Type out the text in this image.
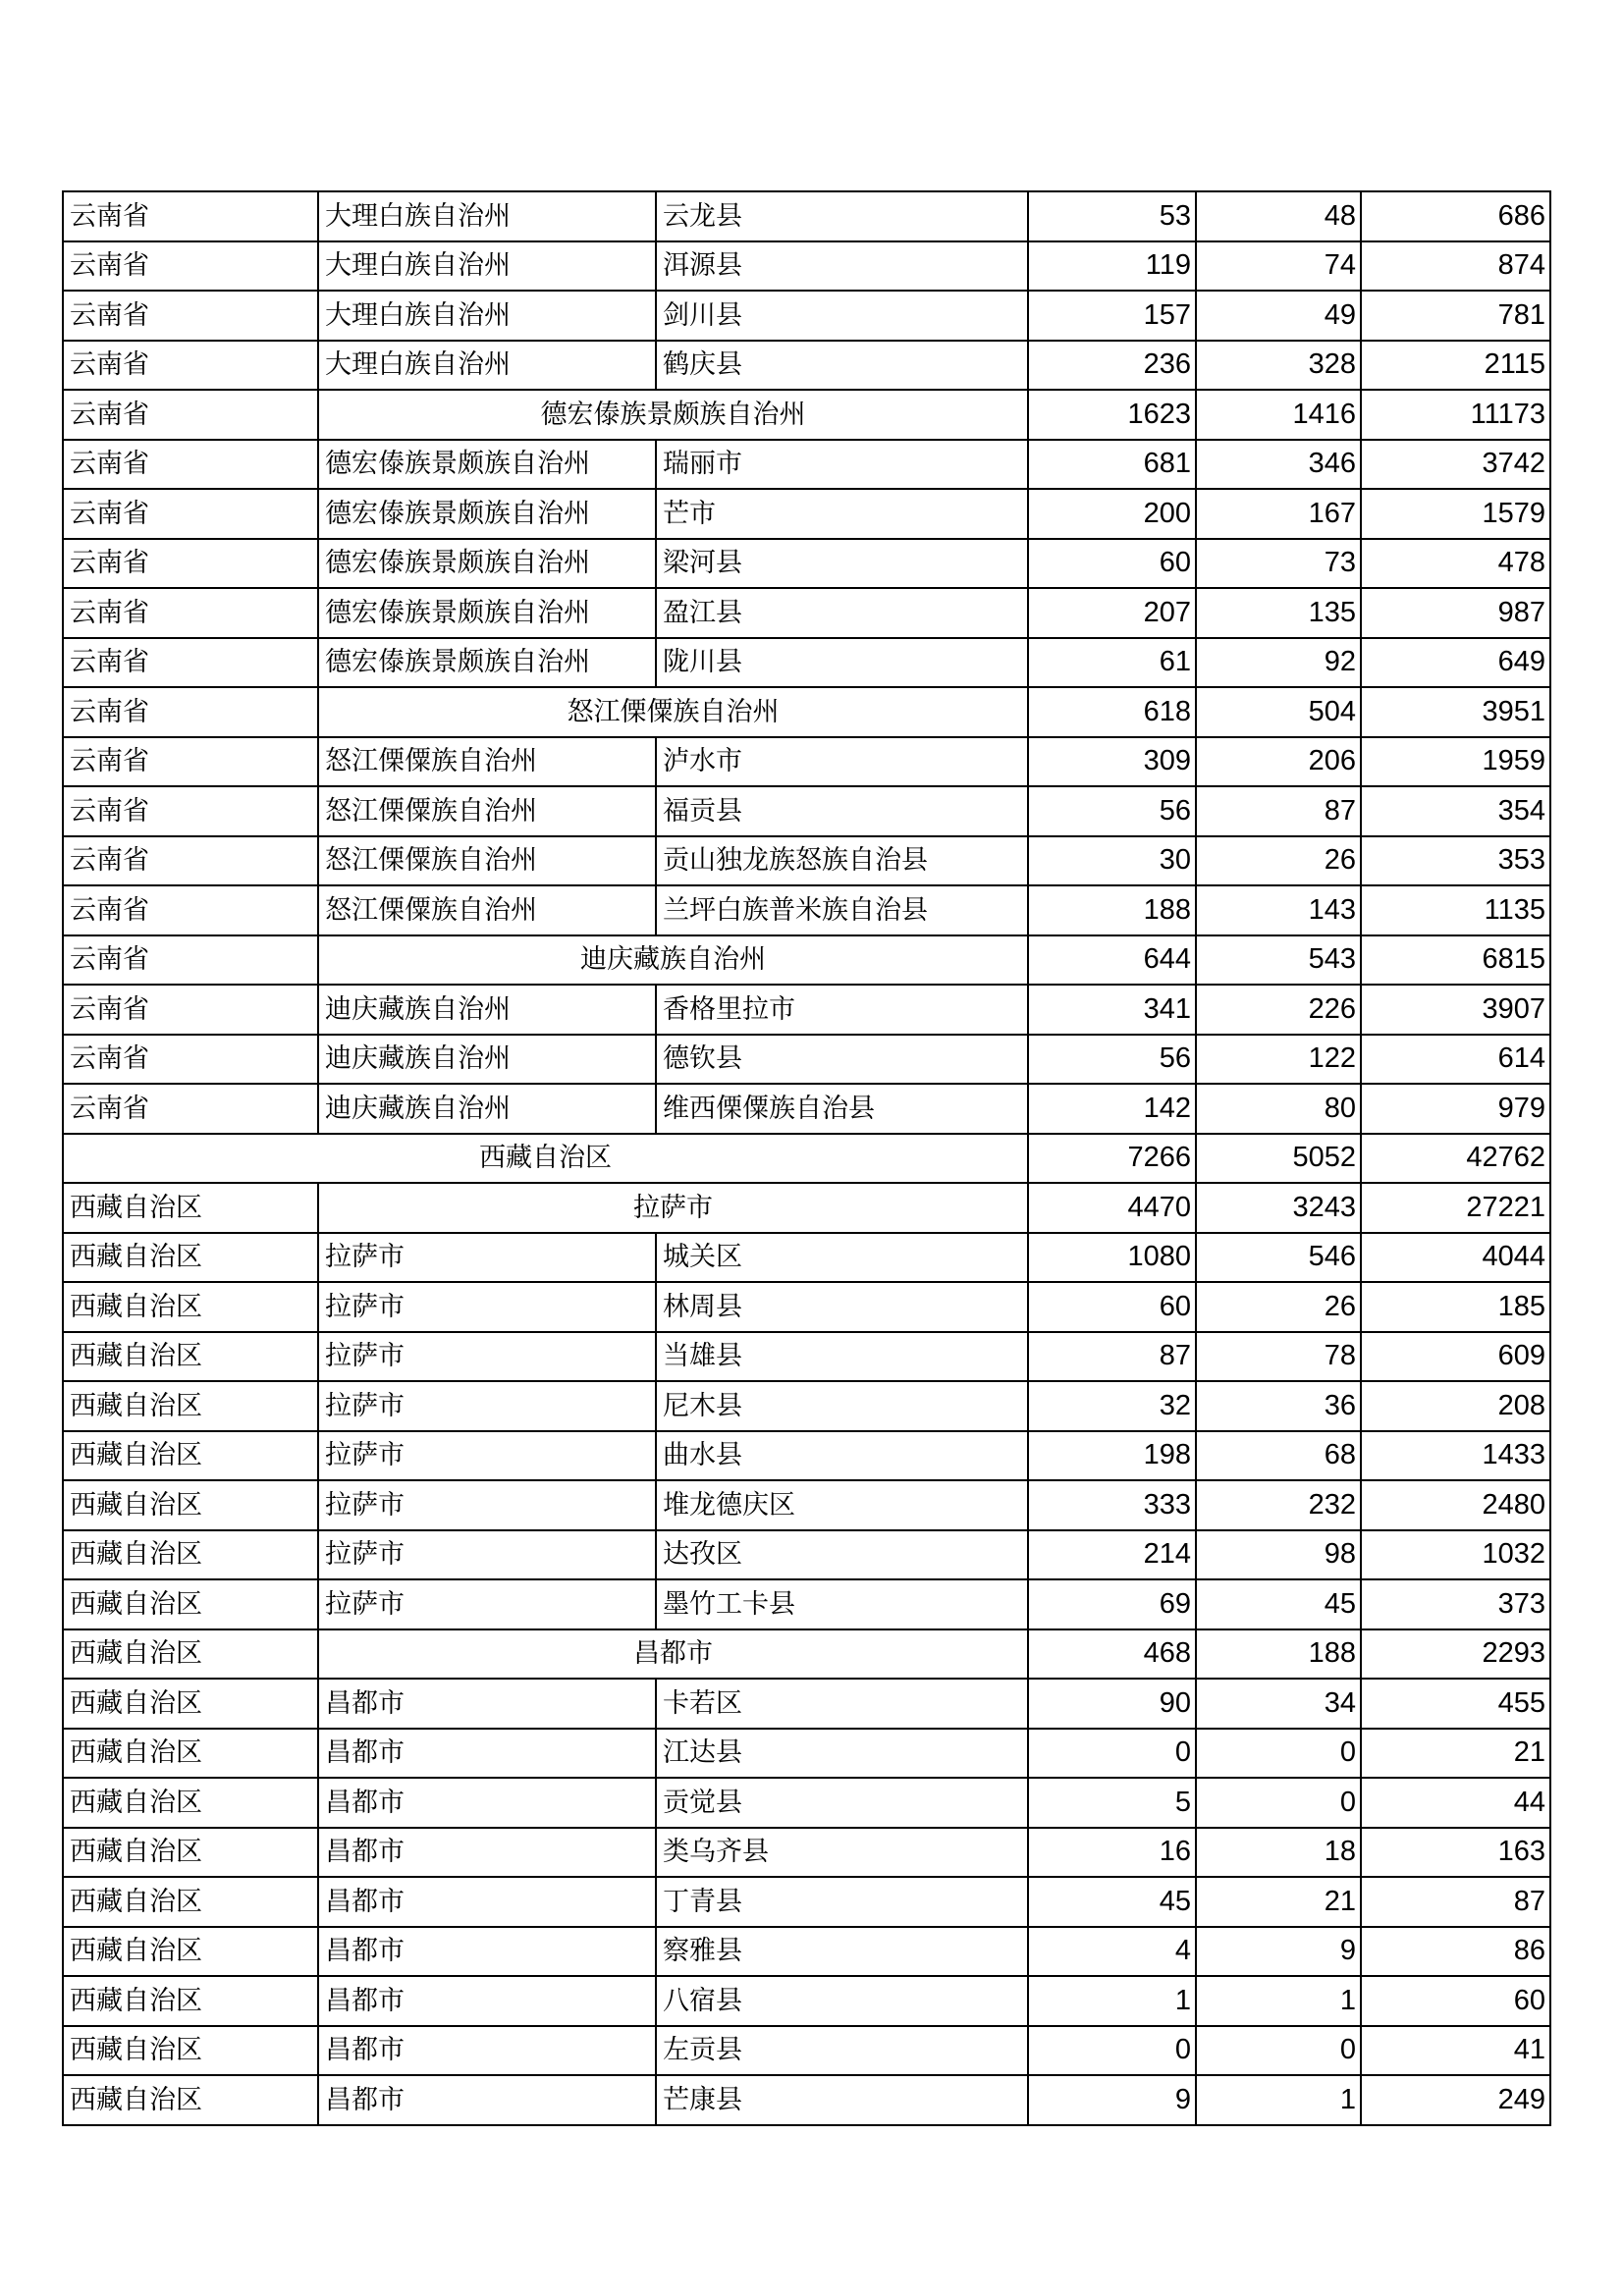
云南省	大理白族自治州	云龙县	53	48	686
云南省	大理白族自治州	洱源县	119	74	874
云南省	大理白族自治州	剑川县	157	49	781
云南省	大理白族自治州	鹤庆县	236	328	2115
云南省	德宏傣族景颇族自治州		1623	1416	11173
云南省	德宏傣族景颇族自治州	瑞丽市	681	346	3742
云南省	德宏傣族景颇族自治州	芒市	200	167	1579
云南省	德宏傣族景颇族自治州	梁河县	60	73	478
云南省	德宏傣族景颇族自治州	盈江县	207	135	987
云南省	德宏傣族景颇族自治州	陇川县	61	92	649
云南省	怒江傈僳族自治州		618	504	3951
云南省	怒江傈僳族自治州	泸水市	309	206	1959
云南省	怒江傈僳族自治州	福贡县	56	87	354
云南省	怒江傈僳族自治州	贡山独龙族怒族自治县	30	26	353
云南省	怒江傈僳族自治州	兰坪白族普米族自治县	188	143	1135
云南省	迪庆藏族自治州		644	543	6815
云南省	迪庆藏族自治州	香格里拉市	341	226	3907
云南省	迪庆藏族自治州	德钦县	56	122	614
云南省	迪庆藏族自治州	维西傈僳族自治县	142	80	979
西藏自治区			7266	5052	42762
西藏自治区	拉萨市		4470	3243	27221
西藏自治区	拉萨市	城关区	1080	546	4044
西藏自治区	拉萨市	林周县	60	26	185
西藏自治区	拉萨市	当雄县	87	78	609
西藏自治区	拉萨市	尼木县	32	36	208
西藏自治区	拉萨市	曲水县	198	68	1433
西藏自治区	拉萨市	堆龙德庆区	333	232	2480
西藏自治区	拉萨市	达孜区	214	98	1032
西藏自治区	拉萨市	墨竹工卡县	69	45	373
西藏自治区	昌都市		468	188	2293
西藏自治区	昌都市	卡若区	90	34	455
西藏自治区	昌都市	江达县	0	0	21
西藏自治区	昌都市	贡觉县	5	0	44
西藏自治区	昌都市	类乌齐县	16	18	163
西藏自治区	昌都市	丁青县	45	21	87
西藏自治区	昌都市	察雅县	4	9	86
西藏自治区	昌都市	八宿县	1	1	60
西藏自治区	昌都市	左贡县	0	0	41
西藏自治区	昌都市	芒康县	9	1	249
